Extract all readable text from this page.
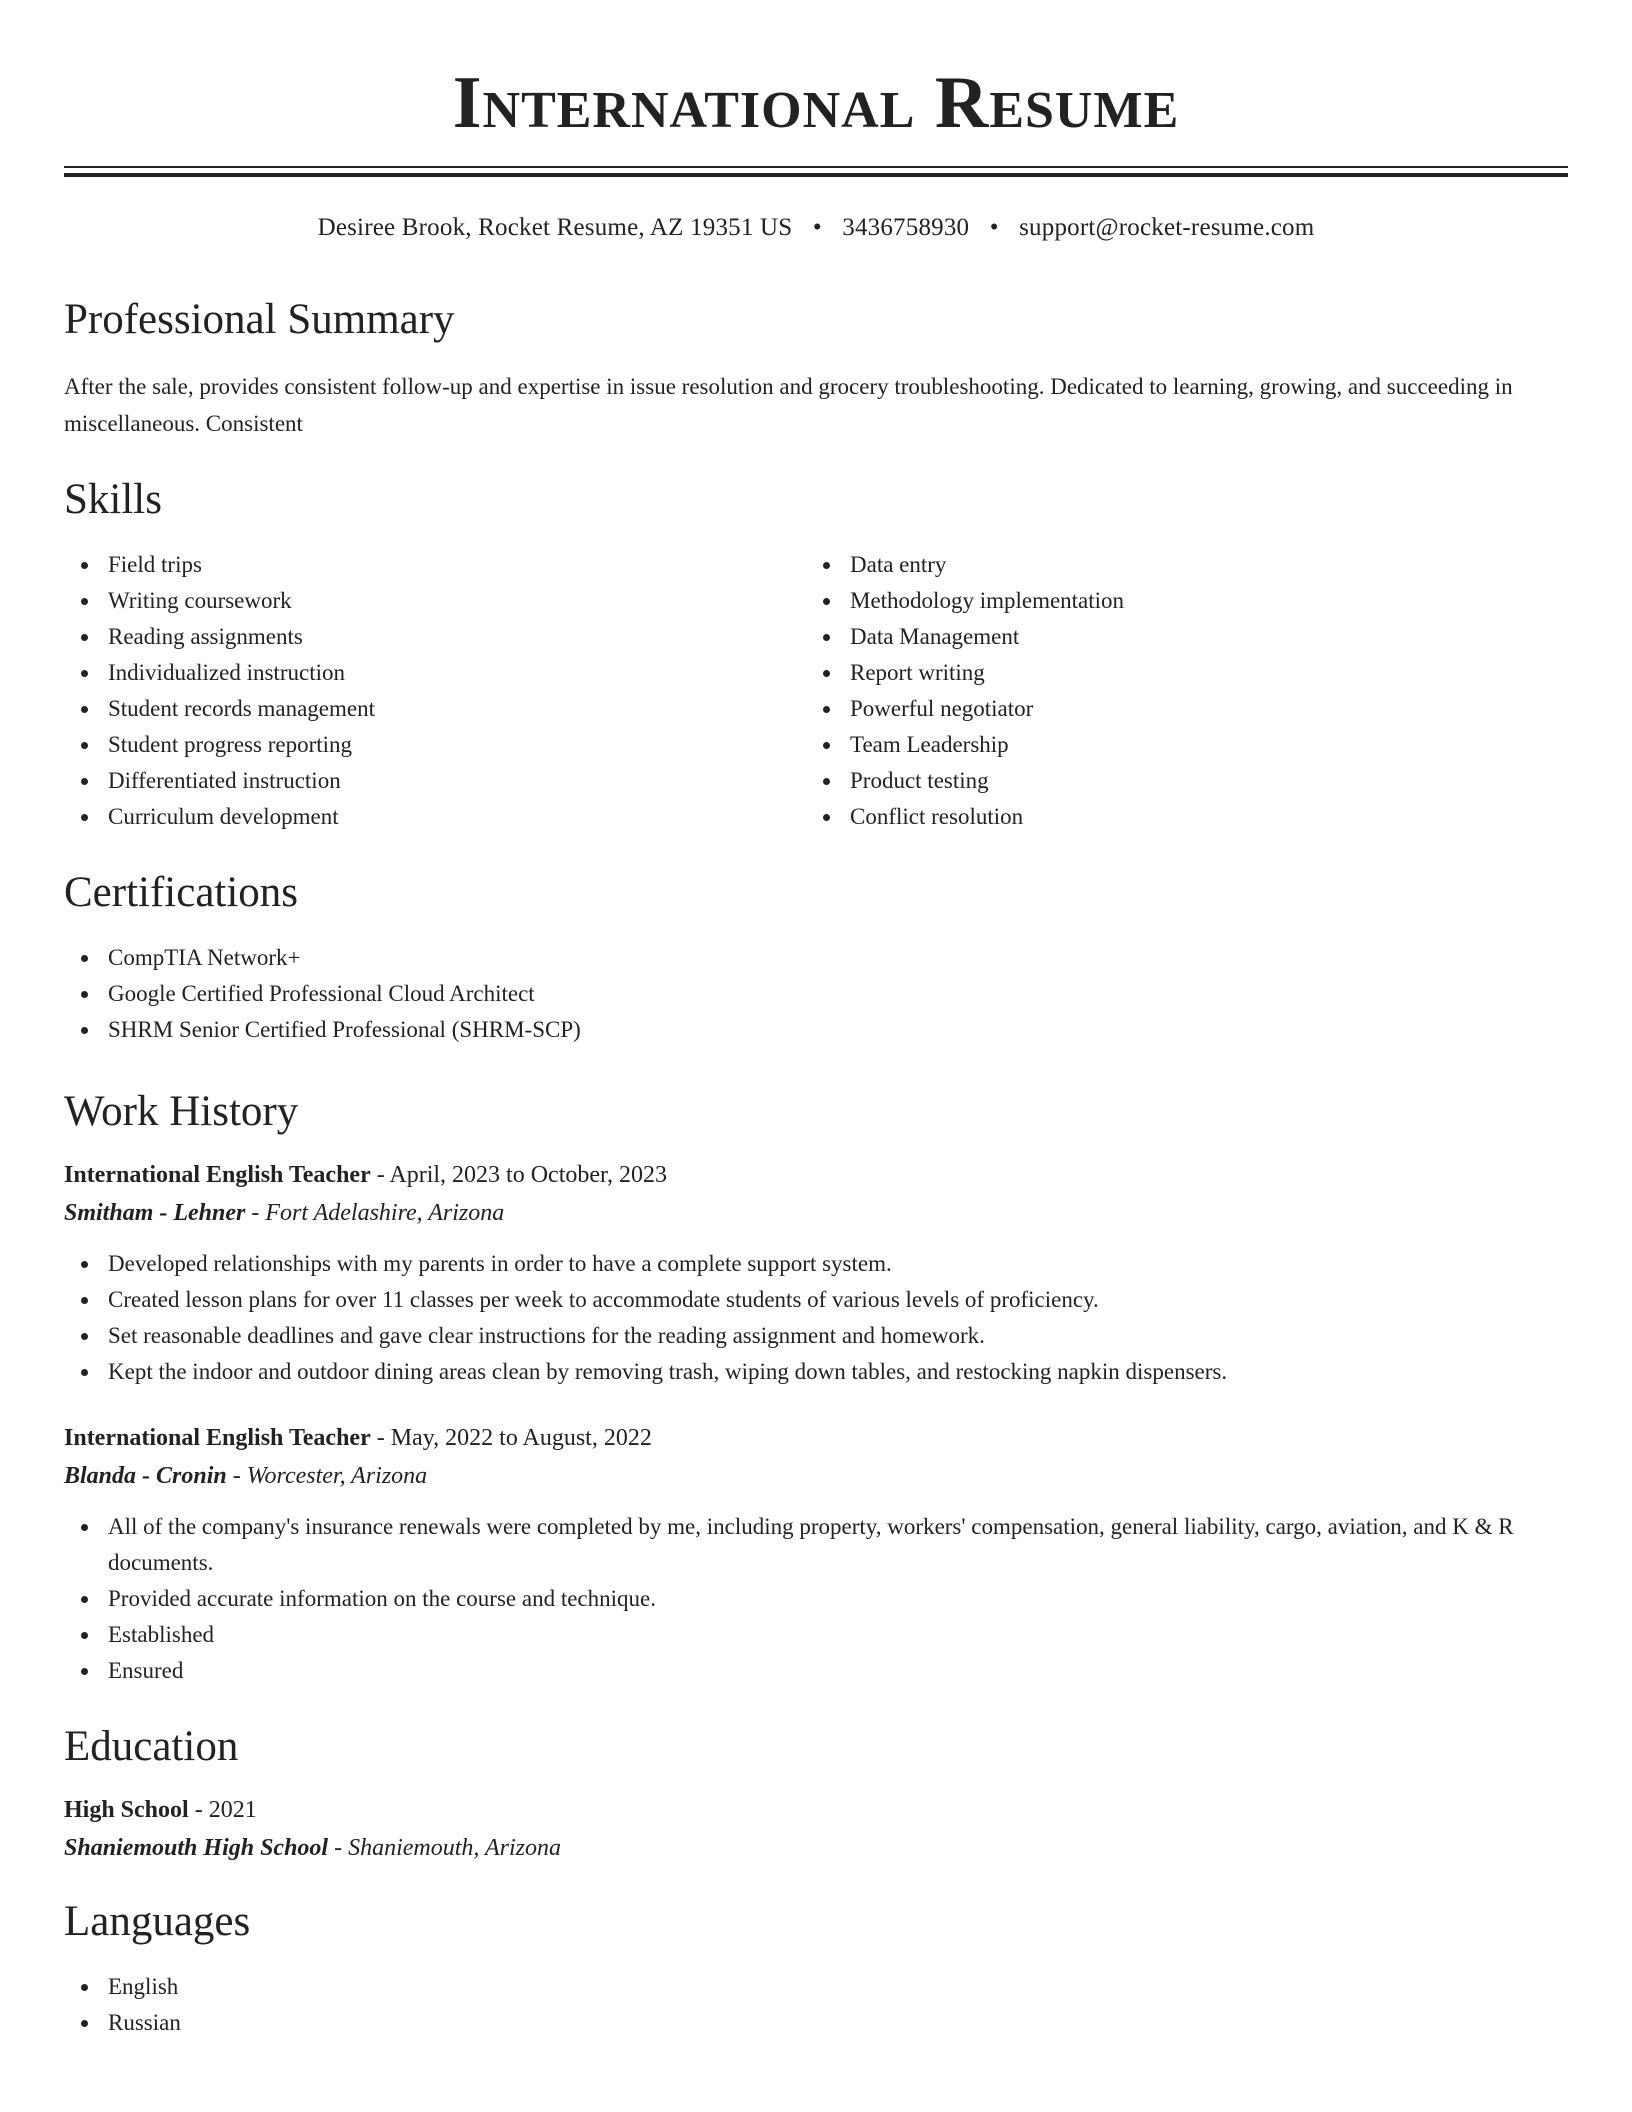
International Resume
Desiree Brook, Rocket Resume, AZ 19351 US • 3436758930 • support@rocket-resume.com
Professional Summary

After the sale, provides consistent follow-up and expertise in issue resolution and grocery troubleshooting. Dedicated to learning, growing, and succeeding in miscellaneous. Consistent

Skills
Field trips
Writing coursework
Reading assignments
Individualized instruction
Student records management
Student progress reporting
Differentiated instruction
Curriculum development
Data entry
Methodology implementation
Data Management
Report writing
Powerful negotiator
Team Leadership
Product testing
Conflict resolution
Certifications
CompTIA Network+
Google Certified Professional Cloud Architect
SHRM Senior Certified Professional (SHRM-SCP)
Work History
International English Teacher - April, 2023 to October, 2023
Smitham - Lehner - Fort Adelashire, Arizona
Developed relationships with my parents in order to have a complete support system.
Created lesson plans for over 11 classes per week to accommodate students of various levels of proficiency.
Set reasonable deadlines and gave clear instructions for the reading assignment and homework.
Kept the indoor and outdoor dining areas clean by removing trash, wiping down tables, and restocking napkin dispensers.
International English Teacher - May, 2022 to August, 2022
Blanda - Cronin - Worcester, Arizona
All of the company's insurance renewals were completed by me, including property, workers' compensation, general liability, cargo, aviation, and K & R documents.
Provided accurate information on the course and technique.
Established
Ensured
Education
High School - 2021
Shaniemouth High School - Shaniemouth, Arizona
Languages
English
Russian
